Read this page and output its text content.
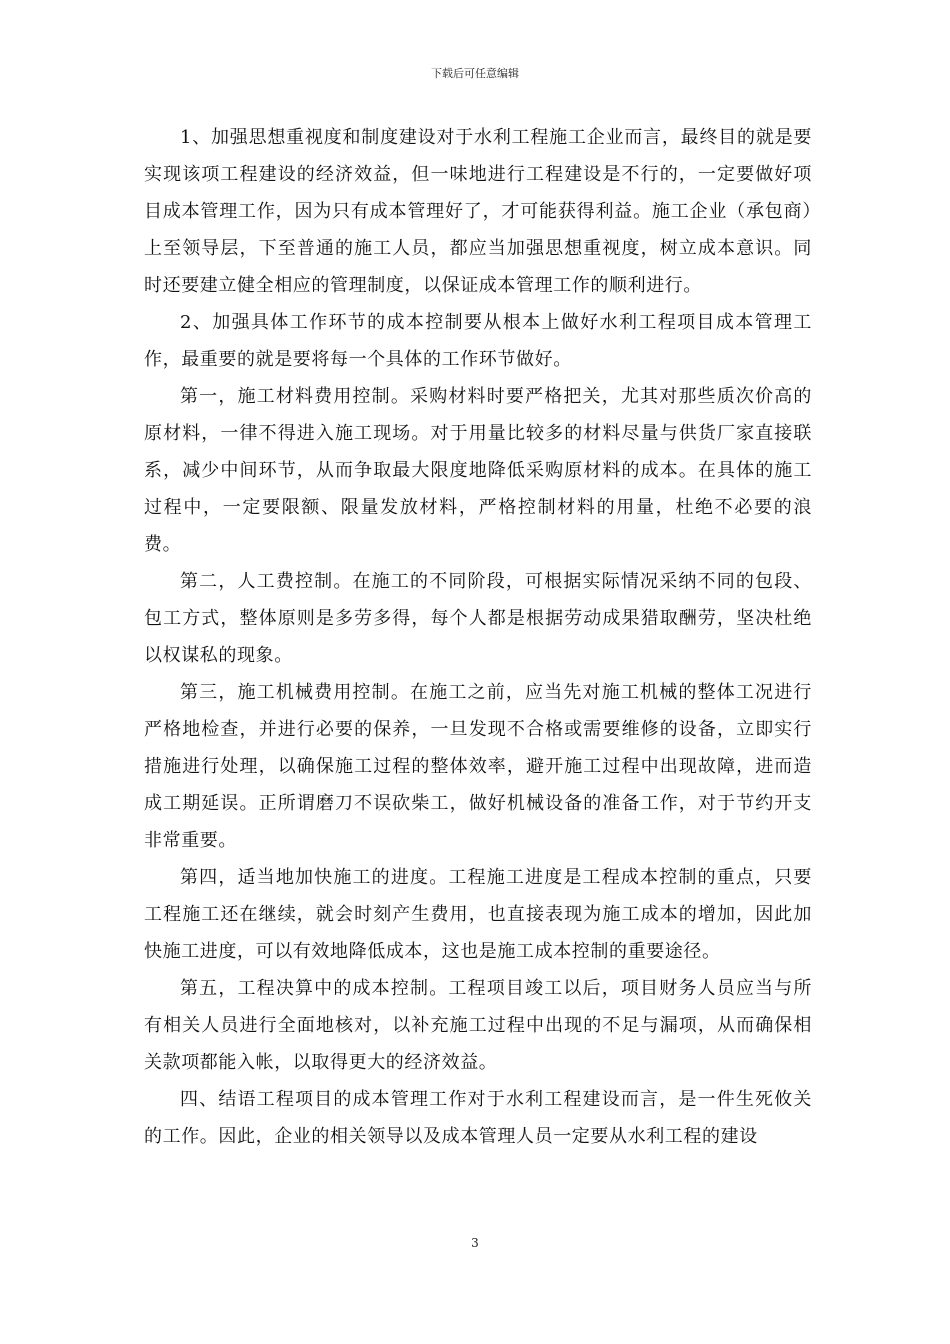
下载后可任意编辑

1、加强思想重视度和制度建设对于水利工程施工企业而言，最终目的就是要实现该项工程建设的经济效益，但一味地进行工程建设是不行的，一定要做好项目成本管理工作，因为只有成本管理好了，才可能获得利益。施工企业（承包商）上至领导层，下至普通的施工人员，都应当加强思想重视度，树立成本意识。同时还要建立健全相应的管理制度，以保证成本管理工作的顺利进行。

2、加强具体工作环节的成本控制要从根本上做好水利工程项目成本管理工作，最重要的就是要将每一个具体的工作环节做好。

第一，施工材料费用控制。采购材料时要严格把关，尤其对那些质次价高的原材料，一律不得进入施工现场。对于用量比较多的材料尽量与供货厂家直接联系，减少中间环节，从而争取最大限度地降低采购原材料的成本。在具体的施工过程中，一定要限额、限量发放材料，严格控制材料的用量，杜绝不必要的浪费。

第二，人工费控制。在施工的不同阶段，可根据实际情况采纳不同的包段、包工方式，整体原则是多劳多得，每个人都是根据劳动成果猎取酬劳，坚决杜绝以权谋私的现象。

第三，施工机械费用控制。在施工之前，应当先对施工机械的整体工况进行严格地检查，并进行必要的保养，一旦发现不合格或需要维修的设备，立即实行措施进行处理，以确保施工过程的整体效率，避开施工过程中出现故障，进而造成工期延误。正所谓磨刀不误砍柴工，做好机械设备的准备工作，对于节约开支非常重要。

第四，适当地加快施工的进度。工程施工进度是工程成本控制的重点，只要工程施工还在继续，就会时刻产生费用，也直接表现为施工成本的增加，因此加快施工进度，可以有效地降低成本，这也是施工成本控制的重要途径。

第五，工程决算中的成本控制。工程项目竣工以后，项目财务人员应当与所有相关人员进行全面地核对，以补充施工过程中出现的不足与漏项，从而确保相关款项都能入帐，以取得更大的经济效益。

四、结语工程项目的成本管理工作对于水利工程建设而言，是一件生死攸关的工作。因此，企业的相关领导以及成本管理人员一定要从水利工程的建设

3
